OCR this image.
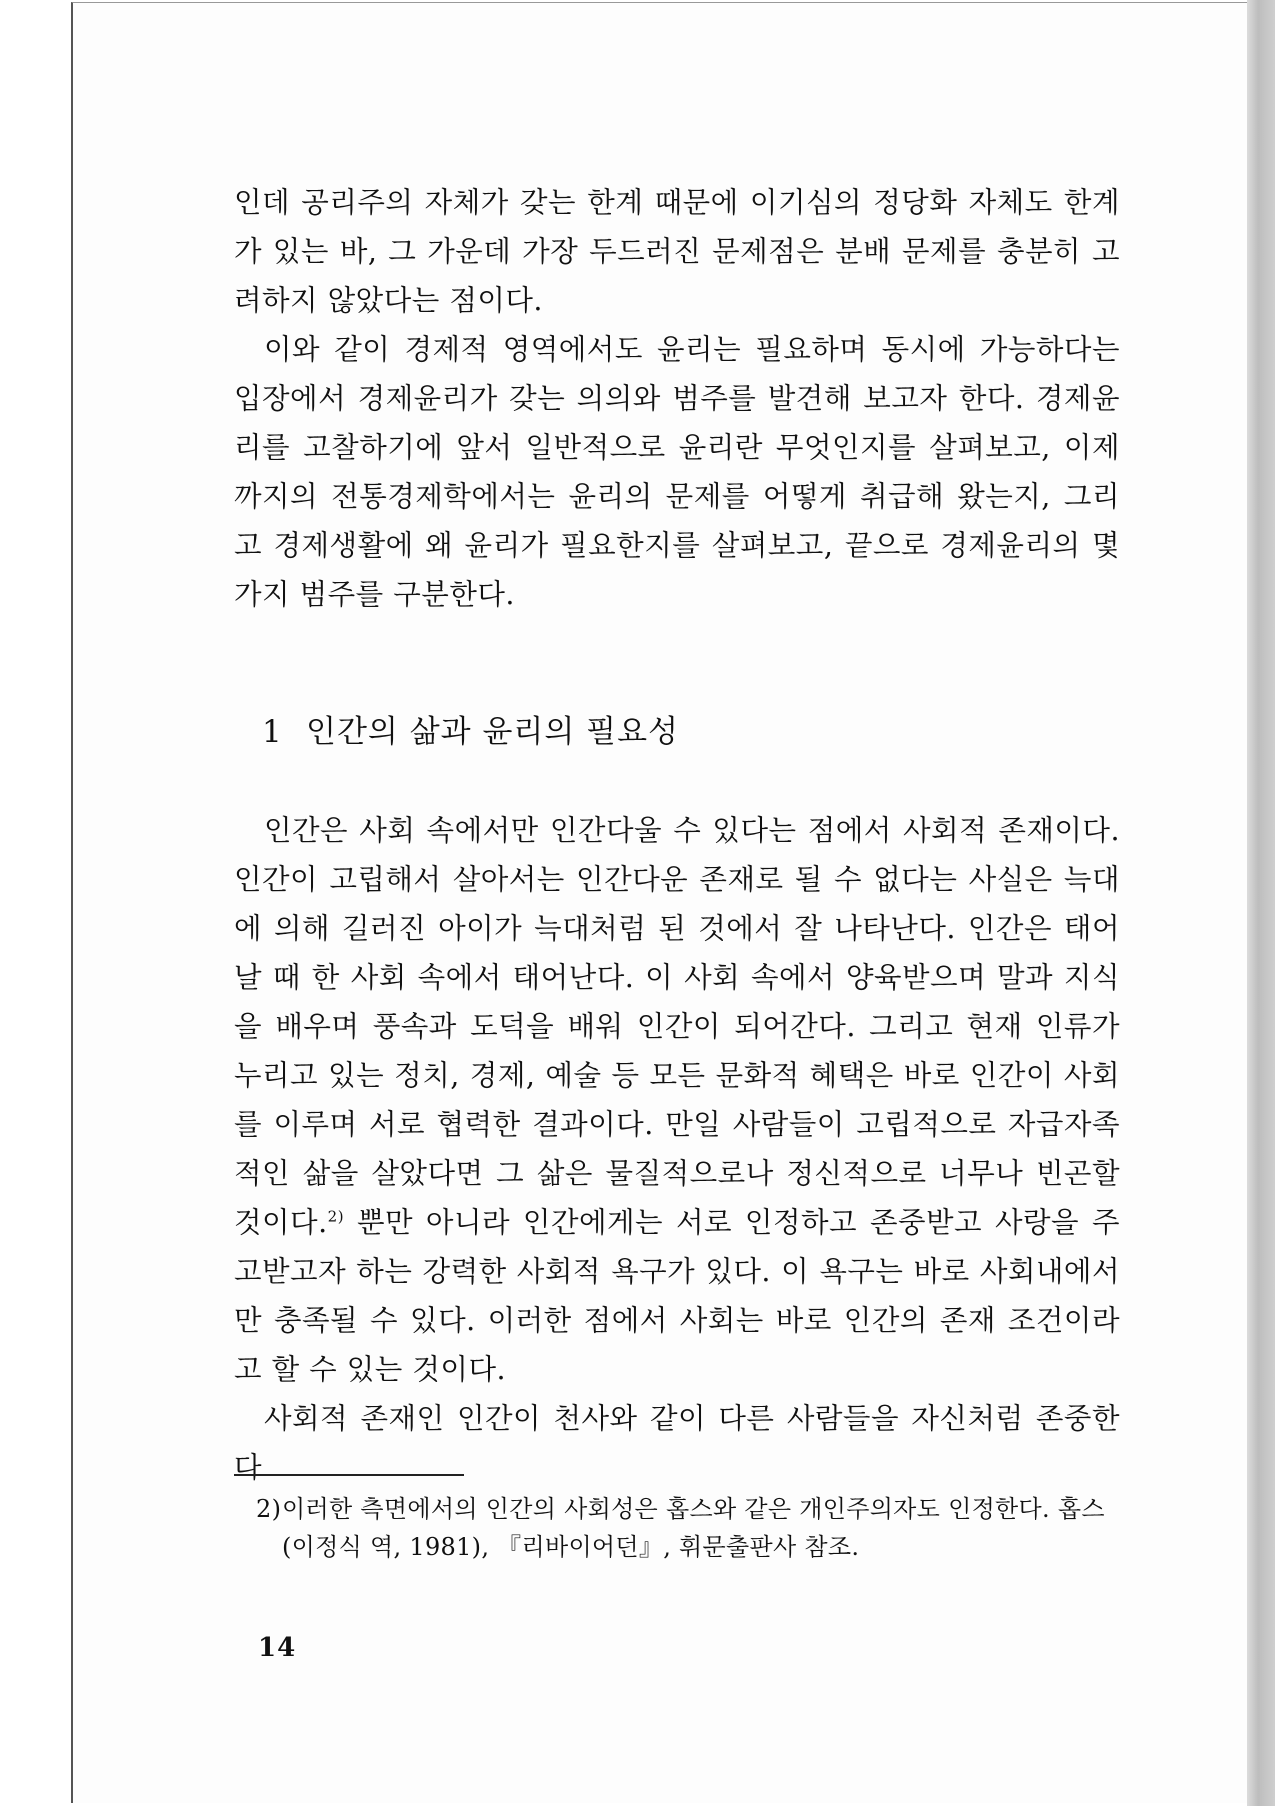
인데 공리주의 자체가 갖는 한계 때문에 이기심의 정당화 자체도 한계가 있는 바, 그 가운데 가장 두드러진 문제점은 분배 문제를 충분히 고려하지 않았다는 점이다.

이와 같이 경제적 영역에서도 윤리는 필요하며 동시에 가능하다는 입장에서 경제윤리가 갖는 의의와 범주를 발견해 보고자 한다. 경제윤리를 고찰하기에 앞서 일반적으로 윤리란 무엇인지를 살펴보고, 이제까지의 전통경제학에서는 윤리의 문제를 어떻게 취급해 왔는지, 그리고 경제생활에 왜 윤리가 필요한지를 살펴보고, 끝으로 경제윤리의 몇 가지 범주를 구분한다.

1 인간의 삶과 윤리의 필요성

인간은 사회 속에서만 인간다울 수 있다는 점에서 사회적 존재이다. 인간이 고립해서 살아서는 인간다운 존재로 될 수 없다는 사실은 늑대에 의해 길러진 아이가 늑대처럼 된 것에서 잘 나타난다. 인간은 태어날 때 한 사회 속에서 태어난다. 이 사회 속에서 양육받으며 말과 지식을 배우며 풍속과 도덕을 배워 인간이 되어간다. 그리고 현재 인류가 누리고 있는 정치, 경제, 예술 등 모든 문화적 혜택은 바로 인간이 사회를 이루며 서로 협력한 결과이다. 만일 사람들이 고립적으로 자급자족적인 삶을 살았다면 그 삶은 물질적으로나 정신적으로 너무나 빈곤할 것이다.$^{2)}$ 뿐만 아니라 인간에게는 서로 인정하고 존중받고 사랑을 주고받고자 하는 강력한 사회적 욕구가 있다. 이 욕구는 바로 사회내에서만 충족될 수 있다. 이러한 점에서 사회는 바로 인간의 존재 조건이라고 할 수 있는 것이다.

사회적 존재인 인간이 천사와 같이 다른 사람들을 자신처럼 존중한다

2)이러한 측면에서의 인간의 사회성은 홉스와 같은 개인주의자도 인정한다. 홉스
(이정식 역, 1981), 『리바이어던』, 휘문출판사 참조.
14
